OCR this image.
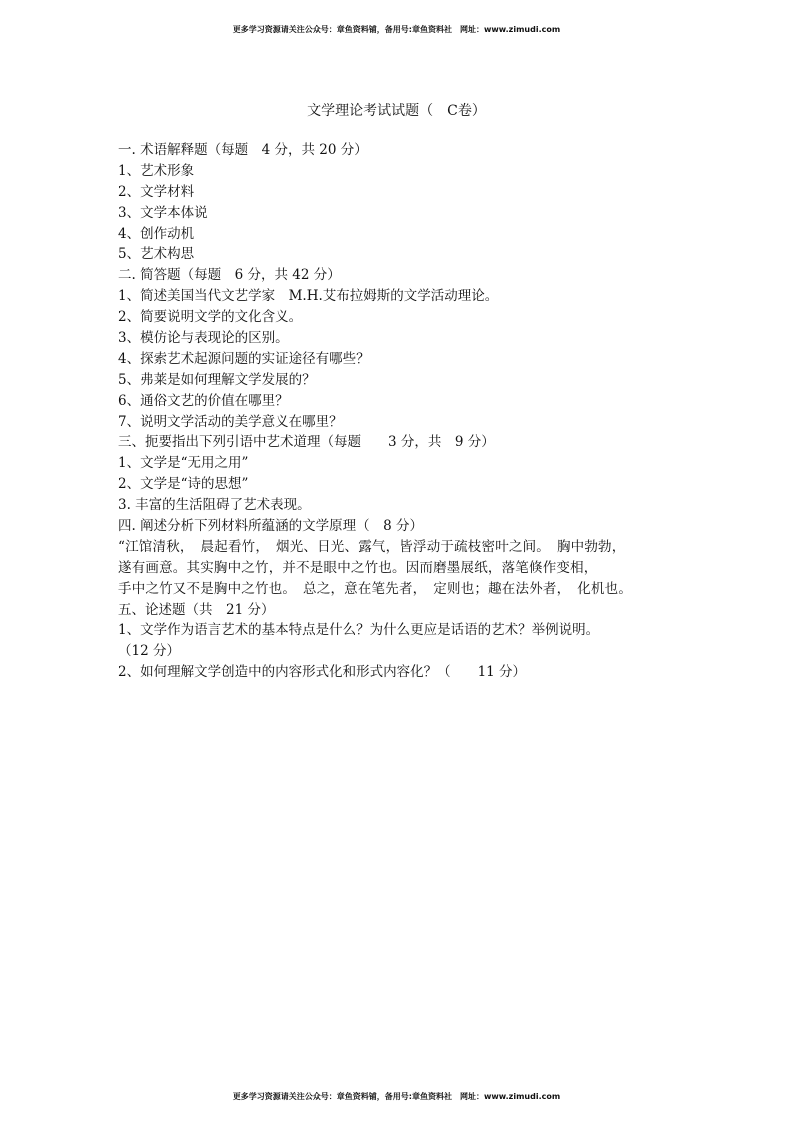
更多学习资源请关注公众号：章鱼资料铺，备用号:章鱼资料社　网址：www.zimudi.com
文学理论考试试题（　C卷）
一. 术语解释题（每题　4 分，共 20 分）
1、艺术形象
2、文学材料
3、文学本体说
4、创作动机
5、艺术构思
二. 简答题（每题　6 分，共 42 分）
1、简述美国当代文艺学家　M.H.艾布拉姆斯的文学活动理论。
2、简要说明文学的文化含义。
3、模仿论与表现论的区别。
4、探索艺术起源问题的实证途径有哪些？
5、弗莱是如何理解文学发展的？
6、通俗文艺的价值在哪里？
7、说明文学活动的美学意义在哪里？
三、扼要指出下列引语中艺术道理（每题　　3 分，共　9 分）
1、文学是“无用之用”
2、文学是“诗的思想”
3. 丰富的生活阻碍了艺术表现。
四. 阐述分析下列材料所蕴涵的文学原理（　8 分）
“江馆清秋，　晨起看竹，　烟光、日光、露气，皆浮动于疏枝密叶之间。　胸中勃勃，
遂有画意。其实胸中之竹，并不是眼中之竹也。因而磨墨展纸，落笔倏作变相，
手中之竹又不是胸中之竹也。　总之，意在笔先者，　定则也；趣在法外者，　化机也。
五、论述题（共　21 分）
1、文学作为语言艺术的基本特点是什么？为什么更应是话语的艺术？举例说明。
（12 分）
2、如何理解文学创造中的内容形式化和形式内容化？（　　11 分）
更多学习资源请关注公众号：章鱼资料铺，备用号:章鱼资料社　网址：www.zimudi.com
